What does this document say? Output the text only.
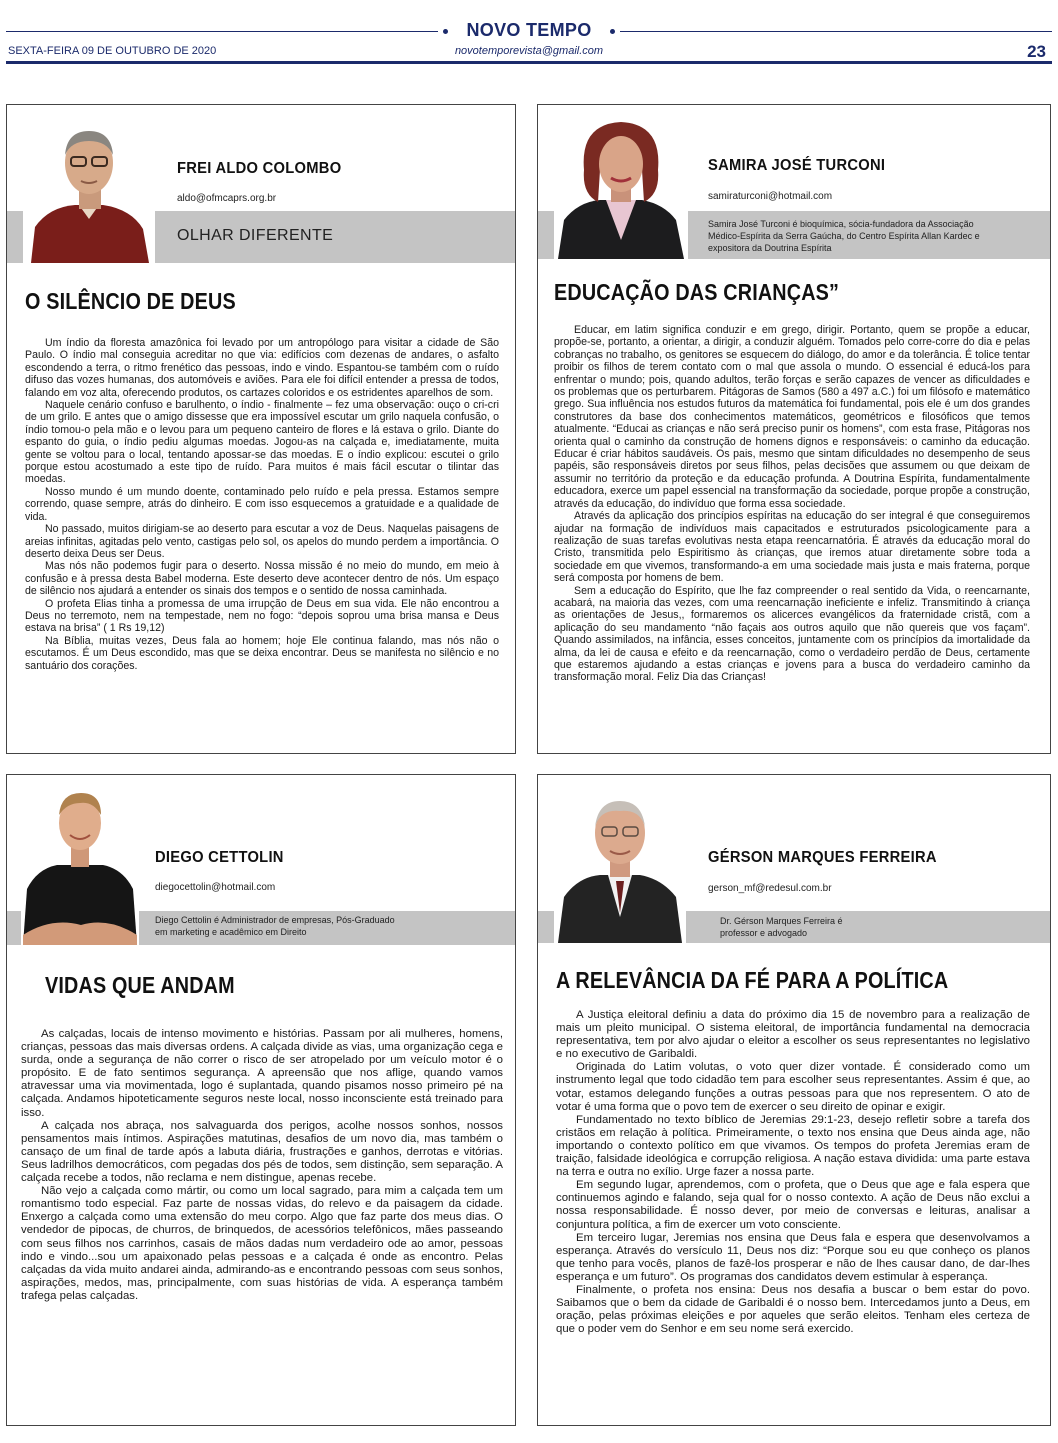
NOVO TEMPO
novotemporevista@gmail.com
SEXTA-FEIRA 09 DE OUTUBRO DE 2020	23
FREI ALDO COLOMBO
aldo@ofmcaprs.org.br
OLHAR DIFERENTE
O SILÊNCIO DE DEUS

Um índio da floresta amazônica foi levado por um antropólogo para visitar a cidade de São Paulo. O índio mal conseguia acreditar no que via: edifícios com dezenas de andares, o asfalto escondendo a terra, o ritmo frenético das pessoas, indo e vindo. Espantou-se também com o ruído difuso das vozes humanas, dos automóveis e aviões. Para ele foi difícil entender a pressa de todos, falando em voz alta, oferecendo produtos, os cartazes coloridos e os estridentes aparelhos de som.

Naquele cenário confuso e barulhento, o índio - finalmente – fez uma observação: ouço o cri-cri de um grilo. E antes que o amigo dissesse que era impossível escutar um grilo naquela confusão, o índio tomou-o pela mão e o levou para um pequeno canteiro de flores e lá estava o grilo. Diante do espanto do guia, o índio pediu algumas moedas. Jogou-as na calçada e, imediatamente, muita gente se voltou para o local, tentando apossar-se das moedas. E o índio explicou: escutei o grilo porque estou acostumado a este tipo de ruído. Para muitos é mais fácil escutar o tilintar das moedas.

Nosso mundo é um mundo doente, contaminado pelo ruído e pela pressa. Estamos sempre correndo, quase sempre, atrás do dinheiro. E com isso esquecemos a gratuidade e a qualidade de vida.

No passado, muitos dirigiam-se ao deserto para escutar a voz de Deus. Naquelas paisagens de areias infinitas, agitadas pelo vento, castigas pelo sol, os apelos do mundo perdem a importância. O deserto deixa Deus ser Deus.

Mas nós não podemos fugir para o deserto. Nossa missão é no meio do mundo, em meio à confusão e à pressa desta Babel moderna. Este deserto deve acontecer dentro de nós. Um espaço de silêncio nos ajudará a entender os sinais dos tempos e o sentido de nossa caminhada.

O profeta Elias tinha a promessa de uma irrupção de Deus em sua vida. Ele não encontrou a Deus no terremoto, nem na tempestade, nem no fogo: “depois soprou uma brisa mansa e Deus estava na brisa” ( 1 Rs 19,12)

Na Bíblia, muitas vezes, Deus fala ao homem; hoje Ele continua falando, mas nós não o escutamos. É um Deus escondido, mas que se deixa encontrar. Deus se manifesta no silêncio e no santuário dos corações.

SAMIRA JOSÉ TURCONI
samiraturconi@hotmail.com
Samira José Turconi é bioquímica, sócia-fundadora da Associação Médico-Espírita da Serra Gaúcha, do Centro Espírita Allan Kardec e expositora da Doutrina Espírita
EDUCAÇÃO DAS CRIANÇAS”

Educar, em latim significa conduzir e em grego, dirigir. Portanto, quem se propõe a educar, propõe-se, portanto, a orientar, a dirigir, a conduzir alguém. Tomados pelo corre-corre do dia e pelas cobranças no trabalho, os genitores se esquecem do diálogo, do amor e da tolerância. É tolice tentar proibir os filhos de terem contato com o mal que assola o mundo. O essencial é educá-los para enfrentar o mundo; pois, quando adultos, terão forças e serão capazes de vencer as dificuldades e os problemas que os perturbarem. Pitágoras de Samos (580 a 497 a.C.) foi um filósofo e matemático grego. Sua influência nos estudos futuros da matemática foi fundamental, pois ele é um dos grandes construtores da base dos conhecimentos matemáticos, geométricos e filosóficos que temos atualmente. “Educai as crianças e não será preciso punir os homens”, com esta frase, Pitágoras nos orienta qual o caminho da construção de homens dignos e responsáveis: o caminho da educação. Educar é criar hábitos saudáveis. Os pais, mesmo que sintam dificuldades no desempenho de seus papéis, são responsáveis diretos por seus filhos, pelas decisões que assumem ou que deixam de assumir no território da proteção e da educação profunda. A Doutrina Espírita, fundamentalmente educadora, exerce um papel essencial na transformação da sociedade, porque propõe a construção, através da educação, do indivíduo que forma essa sociedade.

Através da aplicação dos princípios espíritas na educação do ser integral é que conseguiremos ajudar na formação de indivíduos mais capacitados e estruturados psicologicamente para a realização de suas tarefas evolutivas nesta etapa reencarnatória. É através da educação moral do Cristo, transmitida pelo Espiritismo às crianças, que iremos atuar diretamente sobre toda a sociedade em que vivemos, transformando-a em uma sociedade mais justa e mais fraterna, porque será composta por homens de bem.

Sem a educação do Espírito, que lhe faz compreender o real sentido da Vida, o reencarnante, acabará, na maioria das vezes, com uma reencarnação ineficiente e infeliz. Transmitindo à criança as orientações de Jesus,, formaremos os alicerces evangélicos da fraternidade cristã, com a aplicação do seu mandamento “não façais aos outros aquilo que não quereis que vos façam”. Quando assimilados, na infância, esses conceitos, juntamente com os princípios da imortalidade da alma, da lei de causa e efeito e da reencarnação, como o verdadeiro perdão de Deus, certamente que estaremos ajudando a estas crianças e jovens para a busca do verdadeiro caminho da transformação moral. Feliz Dia das Crianças!

DIEGO CETTOLIN
diegocettolin@hotmail.com
Diego Cettolin é Administrador de empresas, Pós-Graduado em marketing e acadêmico em Direito
VIDAS QUE ANDAM

As calçadas, locais de intenso movimento e histórias. Passam por ali mulheres, homens, crianças, pessoas das mais diversas ordens. A calçada divide as vias, uma organização cega e surda, onde a segurança de não correr o risco de ser atropelado por um veículo motor é o propósito. E de fato sentimos segurança. A apreensão que nos aflige, quando vamos atravessar uma via movimentada, logo é suplantada, quando pisamos nosso primeiro pé na calçada. Andamos hipoteticamente seguros neste local, nosso inconsciente está treinado para isso.

A calçada nos abraça, nos salvaguarda dos perigos, acolhe nossos sonhos, nossos pensamentos mais íntimos. Aspirações matutinas, desafios de um novo dia, mas também o cansaço de um final de tarde após a labuta diária, frustrações e ganhos, derrotas e vitórias. Seus ladrilhos democráticos, com pegadas dos pés de todos, sem distinção, sem separação. A calçada recebe a todos, não reclama e nem distingue, apenas recebe.

Não vejo a calçada como mártir, ou como um local sagrado, para mim a calçada tem um romantismo todo especial. Faz parte de nossas vidas, do relevo e da paisagem da cidade. Enxergo a calçada como uma extensão do meu corpo. Algo que faz parte dos meus dias. O vendedor de pipocas, de churros, de brinquedos, de acessórios telefônicos, mães passeando com seus filhos nos carrinhos, casais de mãos dadas num verdadeiro ode ao amor, pessoas indo e vindo...sou um apaixonado pelas pessoas e a calçada é onde as encontro. Pelas calçadas da vida muito andarei ainda, admirando-as e encontrando pessoas com seus sonhos, aspirações, medos, mas, principalmente, com suas histórias de vida. A esperança também trafega pelas calçadas.

GÉRSON MARQUES FERREIRA
gerson_mf@redesul.com.br
Dr. Gérson Marques Ferreira é professor e advogado
A RELEVÂNCIA DA FÉ PARA A POLÍTICA

A Justiça eleitoral definiu a data do próximo dia 15 de novembro para a realização de mais um pleito municipal. O sistema eleitoral, de importância fundamental na democracia representativa, tem por alvo ajudar o eleitor a escolher os seus representantes no legislativo e no executivo de Garibaldi.

Originada do Latim volutas, o voto quer dizer vontade. É considerado como um instrumento legal que todo cidadão tem para escolher seus representantes. Assim é que, ao votar, estamos delegando funções a outras pessoas para que nos representem. O ato de votar é uma forma que o povo tem de exercer o seu direito de opinar e exigir.

Fundamentado no texto bíblico de Jeremias 29:1-23, desejo refletir sobre a tarefa dos cristãos em relação à política. Primeiramente, o texto nos ensina que Deus ainda age, não importando o contexto político em que vivamos. Os tempos do profeta Jeremias eram de traição, falsidade ideológica e corrupção religiosa. A nação estava dividida: uma parte estava na terra e outra no exílio. Urge fazer a nossa parte.

Em segundo lugar, aprendemos, com o profeta, que o Deus que age e fala espera que continuemos agindo e falando, seja qual for o nosso contexto. A ação de Deus não exclui a nossa responsabilidade. É nosso dever, por meio de conversas e leituras, analisar a conjuntura política, a fim de exercer um voto consciente.

Em terceiro lugar, Jeremias nos ensina que Deus fala e espera que desenvolvamos a esperança. Através do versículo 11, Deus nos diz: “Porque sou eu que conheço os planos que tenho para vocês, planos de fazê-los prosperar e não de lhes causar dano, de dar-lhes esperança e um futuro”. Os programas dos candidatos devem estimular à esperança.

Finalmente, o profeta nos ensina: Deus nos desafia a buscar o bem estar do povo. Saibamos que o bem da cidade de Garibaldi é o nosso bem. Intercedamos junto a Deus, em oração, pelas próximas eleições e por aqueles que serão eleitos. Tenham eles certeza de que o poder vem do Senhor e em seu nome será exercido.
